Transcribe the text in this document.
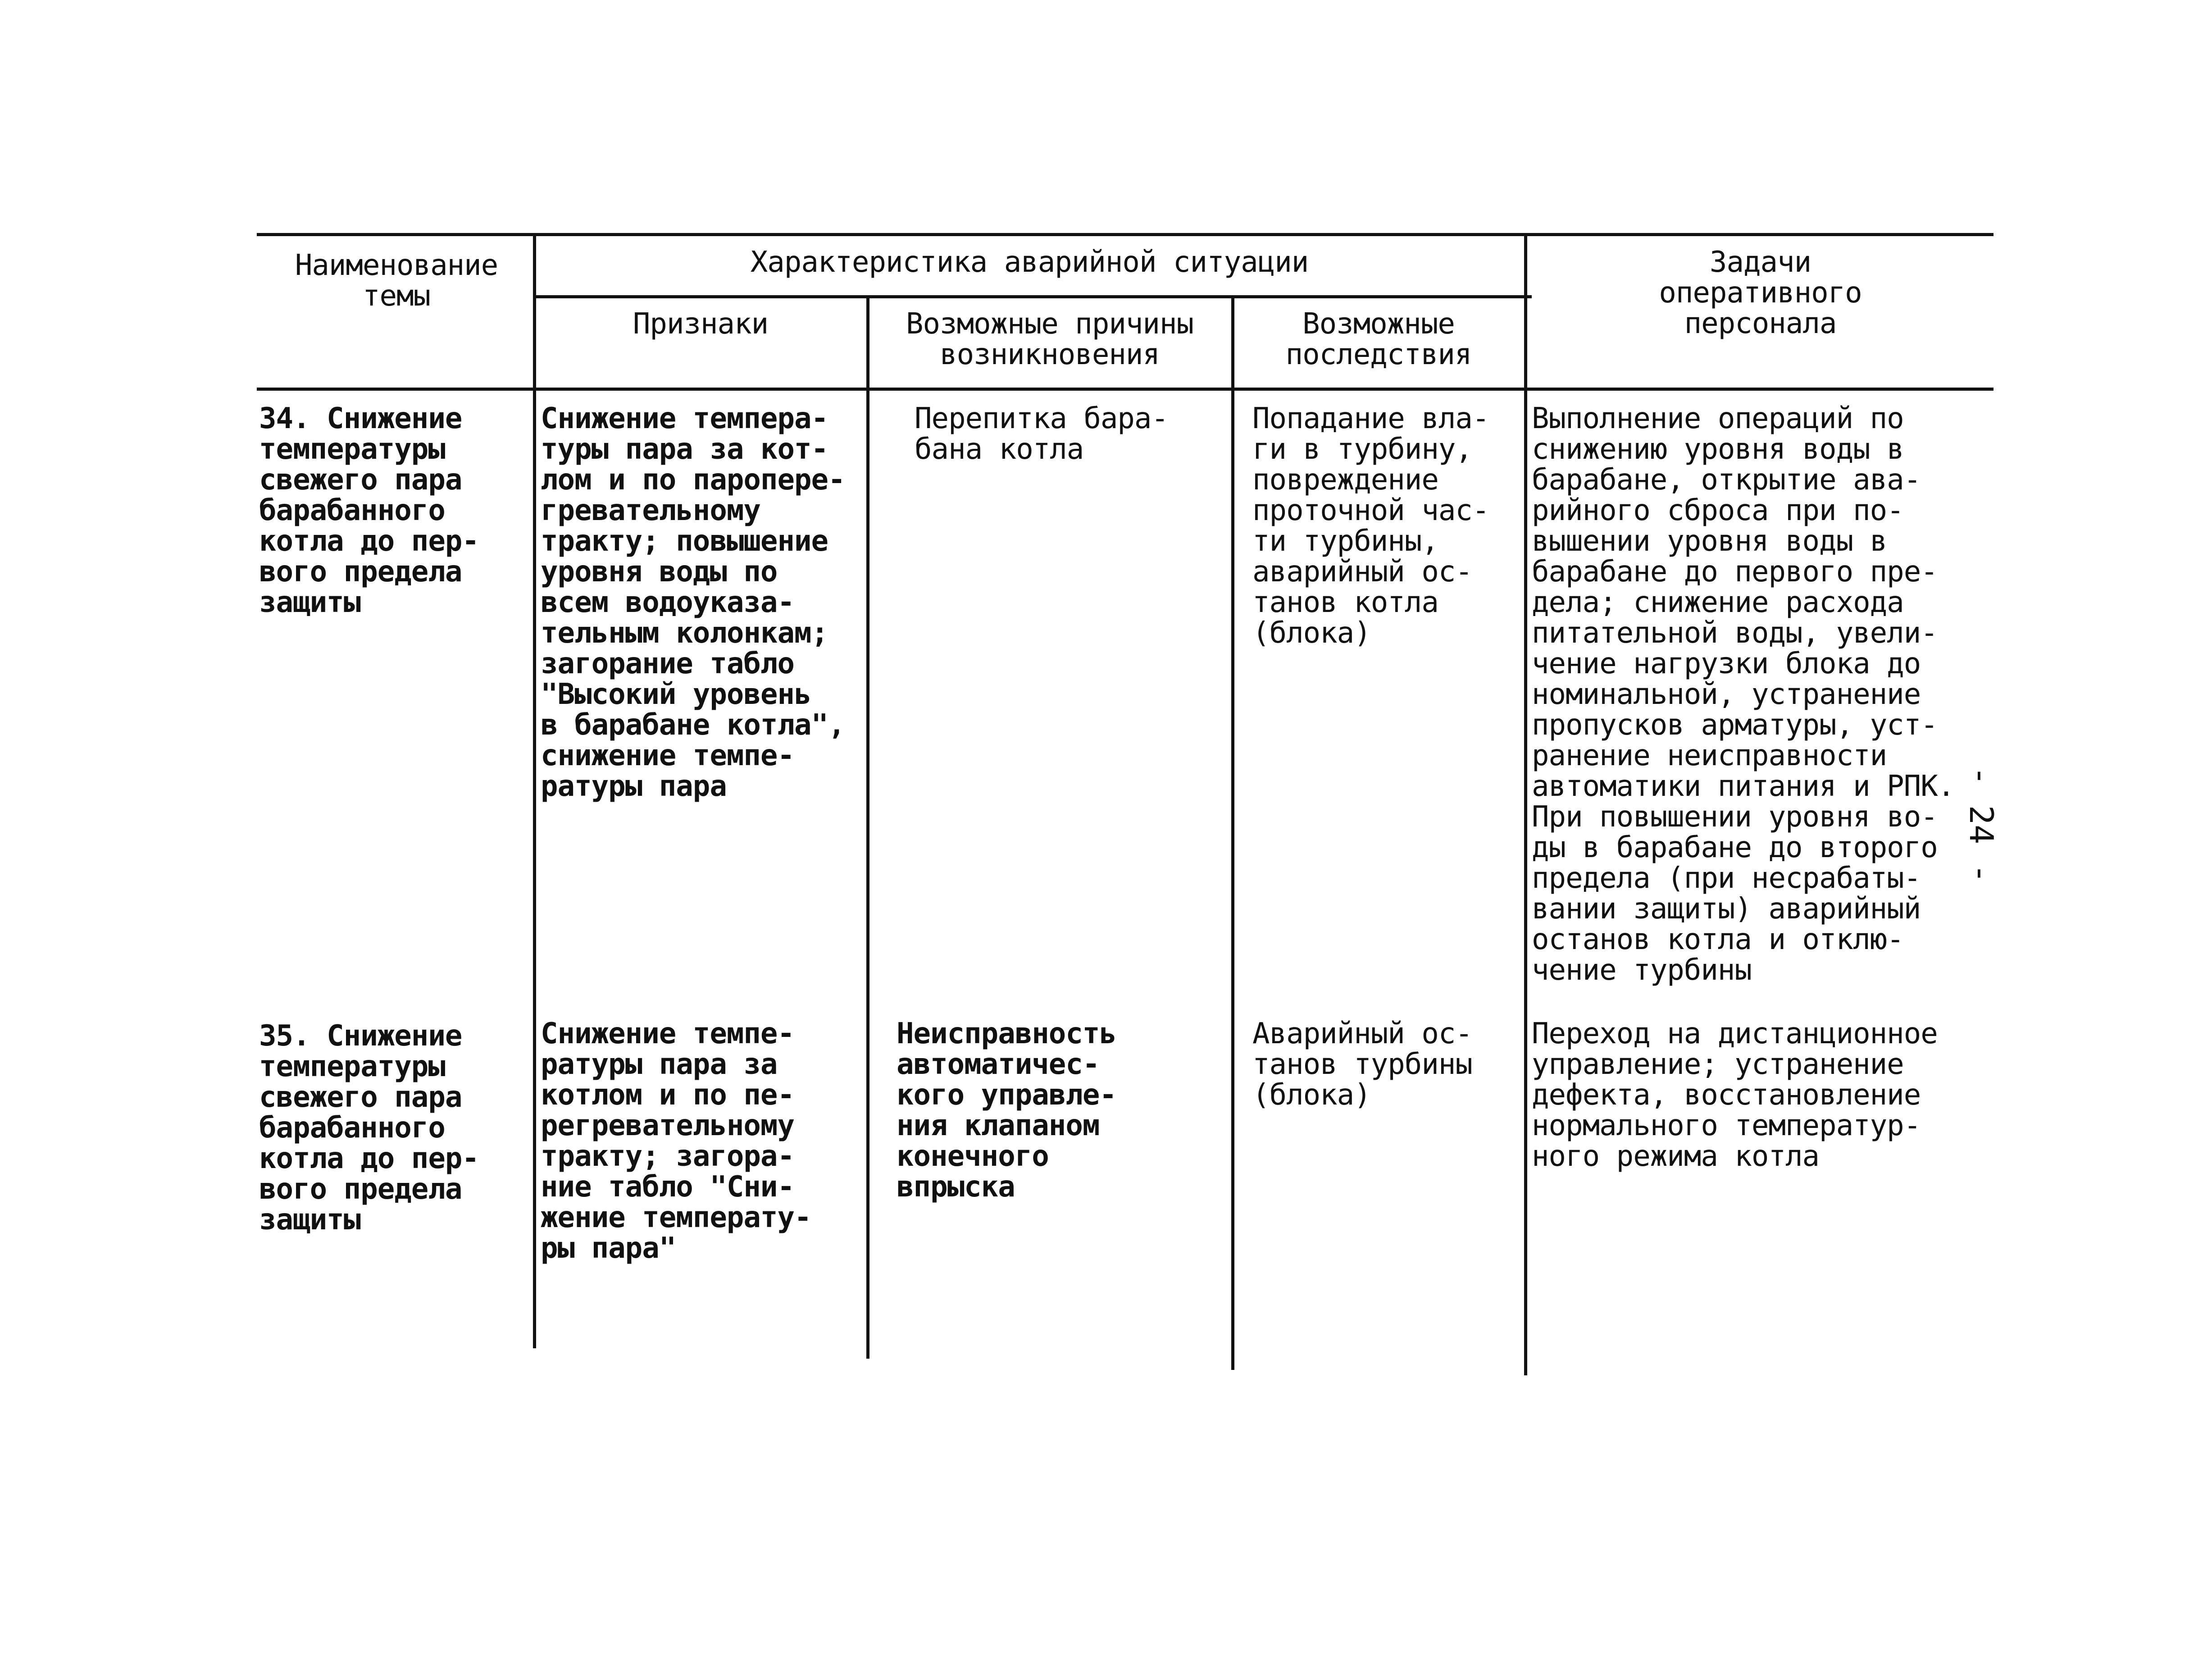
Наименование
темы
Характеристика аварийной ситуации
Признаки	Возможные причины
возникновения
Возможные
последствия
Задачи
оперативного
персонала
34. Снижение
температуры
свежего пара
барабанного
котла до пер-
вого предела
защиты
Снижение темпера-
туры пара за кот-
лом и по паропере-
гревательному
тракту; повышение
уровня воды по
всем водоуказа-
тельным колонкам;
загорание табло
"Высокий уровень
в барабане котла",
снижение темпе-
ратуры пара
Перепитка бара-
бана котла
Попадание вла-
ги в турбину,
повреждение
проточной час-
ти турбины,
аварийный ос-
танов котла
(блока)
Выполнение операций по
снижению уровня воды в
барабане, открытие ава-
рийного сброса при по-
вышении уровня воды в
барабане до первого пре-
дела; снижение расхода
питательной воды, увели-
чение нагрузки блока до
номинальной, устранение
пропусков арматуры, уст-
ранение неисправности
автоматики питания и РПК.
При повышении уровня во-
ды в барабане до второго
предела (при несрабаты-
вании защиты) аварийный
останов котла и отклю-
чение турбины
35. Снижение
температуры
свежего пара
барабанного
котла до пер-
вого предела
защиты
Снижение темпе-
ратуры пара за
котлом и по пе-
регревательному
тракту; загора-
ние табло "Сни-
жение температу-
ры пара"
Неисправность
автоматичес-
кого управле-
ния клапаном
конечного
впрыска
Аварийный ос-
танов турбины
(блока)
Переход на дистанционное
управление; устранение
дефекта, восстановление
нормального температур-
ного режима котла
- 24 -
